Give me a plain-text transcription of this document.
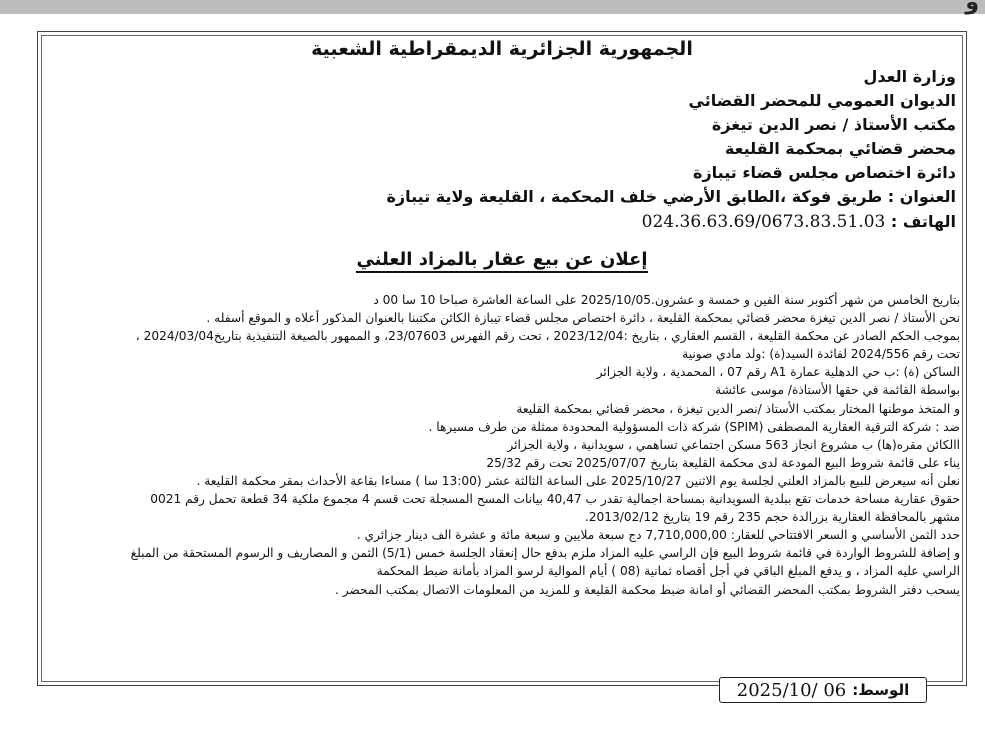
و
الجمهورية الجزائرية الديمقراطية الشعبية
وزارة العدل
الديوان العمومي للمحضر القضائي
مكتب الأستاذ / نصر الدين تيغزة
محضر قضائي بمحكمة القليعة
دائرة اختصاص مجلس قضاء تيبازة
العنوان : طريق فوكة ،الطابق الأرضي خلف المحكمة ، القليعة ولاية تيبازة
الهاتف : 024.36.63.69/0673.83.51.03
إعلان عن بيع عقار بالمزاد العلني
بتاريخ الخامس من شهر أكتوبر سنة الفين و خمسة و عشرون.2025/10/05 على الساعة العاشرة صباحا 10 سا 00 د
نحن الأستاذ / نصر الدين تيغزة محضر قضائي بمحكمة القليعة ، دائرة اختصاص مجلس قضاء تيبازة الكائن مكتبنا بالعنوان المذكور أعلاه و الموقع أسفله .
بموجب الحكم الصادر عن محكمة القليعة ، القسم العقاري ، بتاريخ :2023/12/04 ، تحت رقم الفهرس 23/07603، و الممهور بالصيغة التنفيذية بتاريخ2024/03/04 ،
تحت رقم 2024/556 لفائدة السيد(ة) :ولد مادي صونية
الساكن (ة) :ب حي الدهلية عمارة A1 رقم 07 ، المحمدية ، ولاية الجزائر
بواسطة القائمة في حقها الأستاذة/ موسى عائشة
و المتخذ موطنها المختار بمكتب الأستاذ /نصر الدين تيغزة ، محضر قضائي بمحكمة القليعة
ضد : شركة الترقية العقارية المصطفى (SPIM) شركة ذات المسؤولية المحدودة ممثلة من طرف مسيرها .
االكائن مقره(ها) ب مشروع انجاز 563 مسكن اجتماعي تساهمي ، سويدانية ، ولاية الجزائر
يناء على قائمة شروط البيع المودعة لدى محكمة القليعة بتاريخ 2025/07/07 تحت رقم 25/32
نعلن أنه سيعرض للبيع بالمزاد العلني لجلسة يوم الاثنين 2025/10/27 على الساعة الثالثة عشر (13:00 سا ) مساءا بقاعة الأحداث بمقر محكمة القليعة .
حقوق عقارية مساحة خدمات تقع ببلدية السويدانية بمساحة اجمالية تقدر ب 40,47 بيانات المسح المسجلة تحت قسم 4 مجموع ملكية 34 قطعة تحمل رقم 0021
مشهر بالمحافظة العقارية بزرالدة حجم 235 رقم 19 بتاريخ 2013/02/12.
حدد الثمن الأساسي و السعر الافتتاحي للعقار: 7,710,000,00 دج سبعة ملايين و سبعة مائة و عشرة الف دينار جزائري .
و إضافة للشروط الواردة في قائمة شروط البيع فإن الراسي عليه المزاد ملزم بدفع حال إنعقاد الجلسة خمس (5/1) الثمن و المصاريف و الرسوم المستحقة من المبلغ
الراسي عليه المزاد ، و يدفع المبلغ الباقي في أجل أقصاه ثمانية (08 ) أيام الموالية لرسو المزاد بأمانة ضبط المحكمة
يسحب دفتر الشروط بمكتب المحضر القضائي أو امانة ضبط محكمة القليعة و للمزيد من المعلومات الاتصال بمكتب المحضر .
الوسط:
2025/10/ 06
